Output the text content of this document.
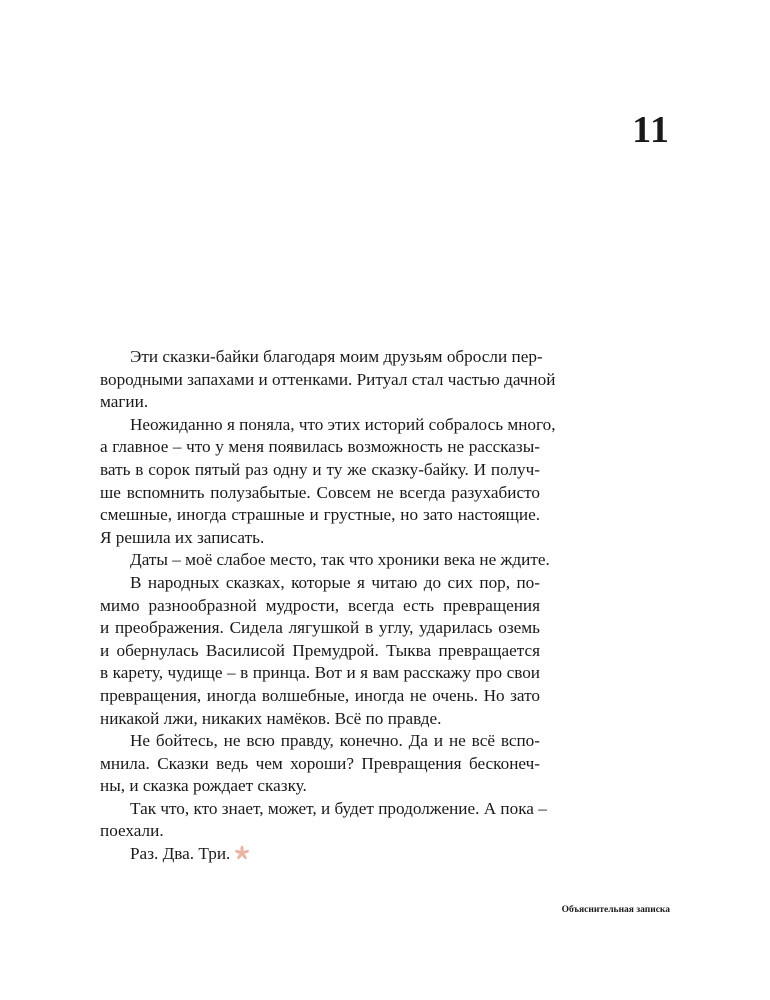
11
Эти сказки-байки благодаря моим друзьям обросли пер-
вородными запахами и оттенками. Ритуал стал частью дачной
магии.
Неожиданно я поняла, что этих историй собралось много,
а главное – что у меня появилась возможность не рассказы-
вать в сорок пятый раз одну и ту же сказку-байку. И получ-
ше вспомнить полузабытые. Совсем не всегда разухабисто
смешные, иногда страшные и грустные, но зато настоящие.
Я решила их записать.
Даты – моё слабое место, так что хроники века не ждите.
В народных сказках, которые я читаю до сих пор, по-
мимо разнообразной мудрости, всегда есть превращения
и преображения. Сидела лягушкой в углу, ударилась оземь
и обернулась Василисой Премудрой. Тыква превращается
в карету, чудище – в принца. Вот и я вам расскажу про свои
превращения, иногда волшебные, иногда не очень. Но зато
никакой лжи, никаких намёков. Всё по правде.
Не бойтесь, не всю правду, конечно. Да и не всё вспо-
мнила. Сказки ведь чем хороши? Превращения бесконеч-
ны, и сказка рождает сказку.
Так что, кто знает, может, и будет продолжение. А пока –
поехали.
Раз. Два. Три.
Объяснительная записка
